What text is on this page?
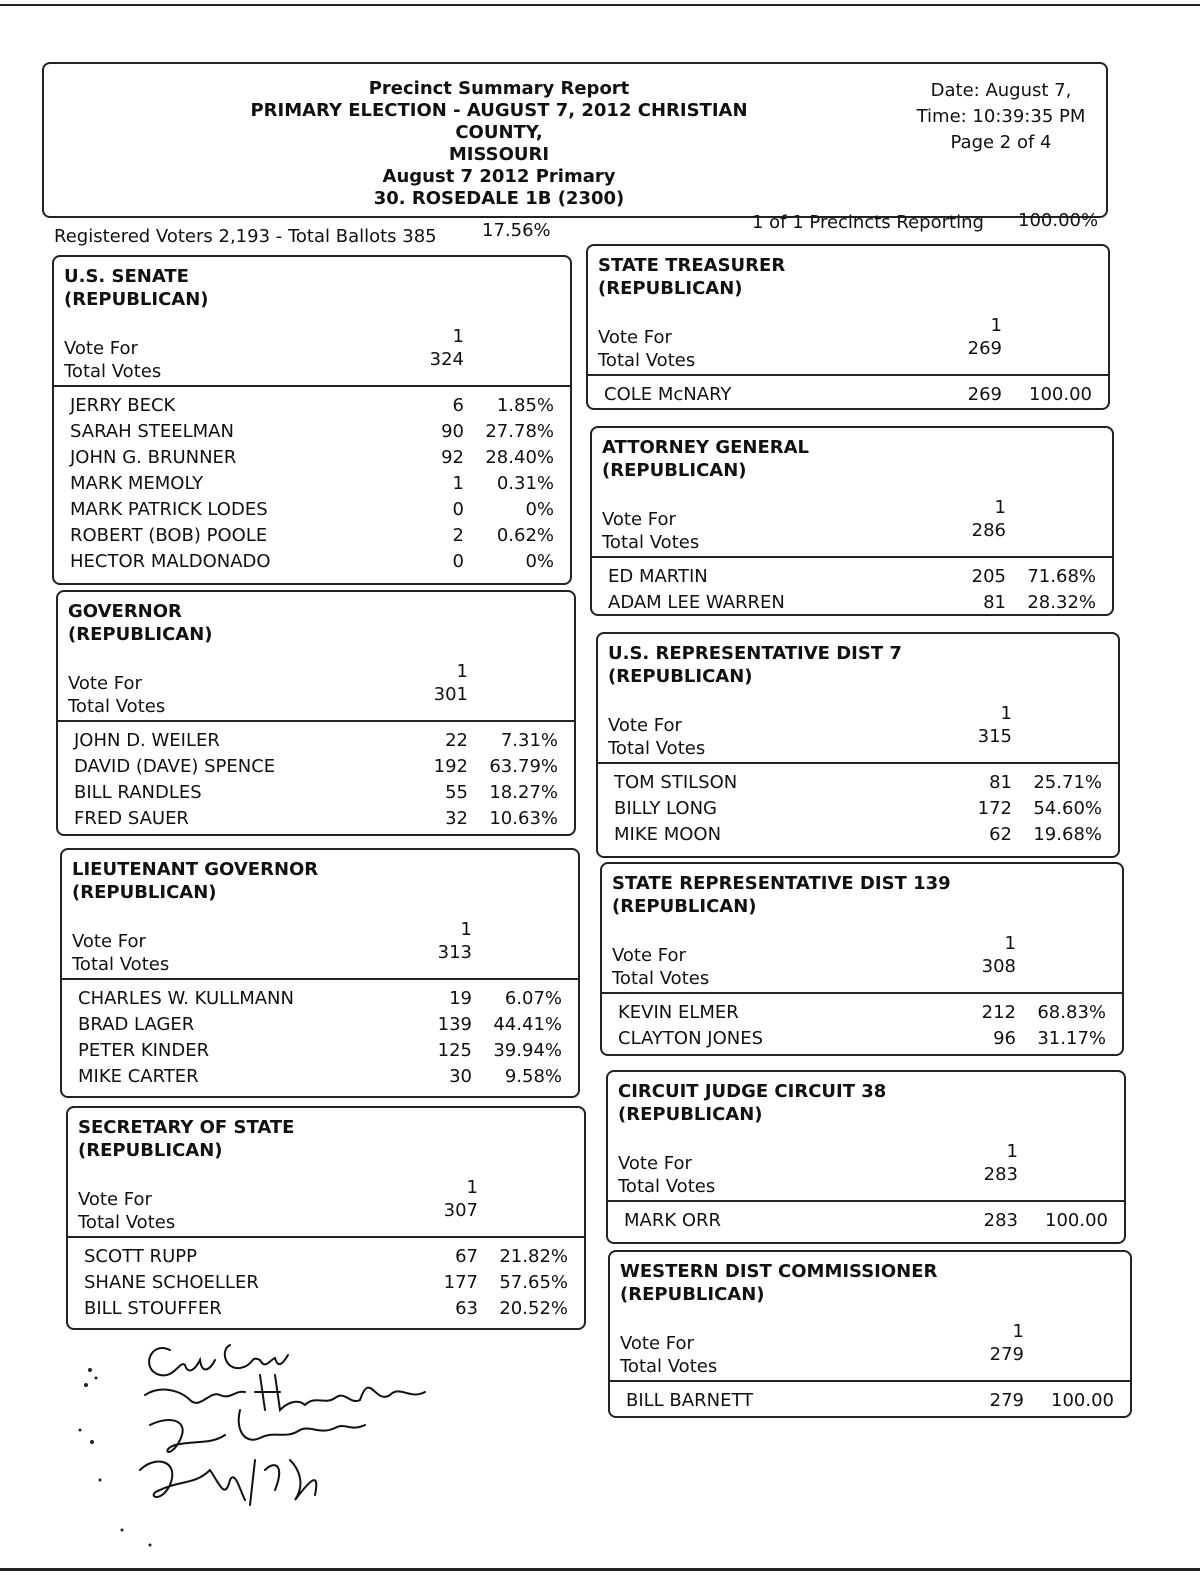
Precinct Summary Report
PRIMARY ELECTION - AUGUST 7, 2012 CHRISTIAN COUNTY,
MISSOURI
August 7 2012 Primary
30. ROSEDALE 1B (2300)
Date: August 7,
Time: 10:39:35 PM
Page 2 of 4
Registered Voters 2,193 - Total Ballots 385	17.56%	1 of 1 Precincts Reporting 100.00%
U.S. SENATE
(REPUBLICAN)
Vote For
Total Votes
1
324
JERRY BECK	6	1.85%
SARAH STEELMAN	90	27.78%
JOHN G. BRUNNER	92	28.40%
MARK MEMOLY	1	0.31%
MARK PATRICK LODES	0	0%
ROBERT (BOB) POOLE	2	0.62%
HECTOR MALDONADO	0	0%
GOVERNOR
(REPUBLICAN)
Vote For
Total Votes
1
301
JOHN D. WEILER	22	7.31%
DAVID (DAVE) SPENCE	192	63.79%
BILL RANDLES	55	18.27%
FRED SAUER	32	10.63%
LIEUTENANT GOVERNOR
(REPUBLICAN)
Vote For
Total Votes
1
313
CHARLES W. KULLMANN	19	6.07%
BRAD LAGER	139	44.41%
PETER KINDER	125	39.94%
MIKE CARTER	30	9.58%
SECRETARY OF STATE
(REPUBLICAN)
Vote For
Total Votes
1
307
SCOTT RUPP	67	21.82%
SHANE SCHOELLER	177	57.65%
BILL STOUFFER	63	20.52%
STATE TREASURER
(REPUBLICAN)
Vote For
Total Votes
1
269
COLE McNARY	269	100.00
ATTORNEY GENERAL
(REPUBLICAN)
Vote For
Total Votes
1
286
ED MARTIN	205	71.68%
ADAM LEE WARREN	81	28.32%
U.S. REPRESENTATIVE DIST 7
(REPUBLICAN)
Vote For
Total Votes
1
315
TOM STILSON	81	25.71%
BILLY LONG	172	54.60%
MIKE MOON	62	19.68%
STATE REPRESENTATIVE DIST 139
(REPUBLICAN)
Vote For
Total Votes
1
308
KEVIN ELMER	212	68.83%
CLAYTON JONES	96	31.17%
CIRCUIT JUDGE CIRCUIT 38
(REPUBLICAN)
Vote For
Total Votes
1
283
MARK ORR	283	100.00
WESTERN DIST COMMISSIONER
(REPUBLICAN)
Vote For
Total Votes
1
279
BILL BARNETT	279	100.00
